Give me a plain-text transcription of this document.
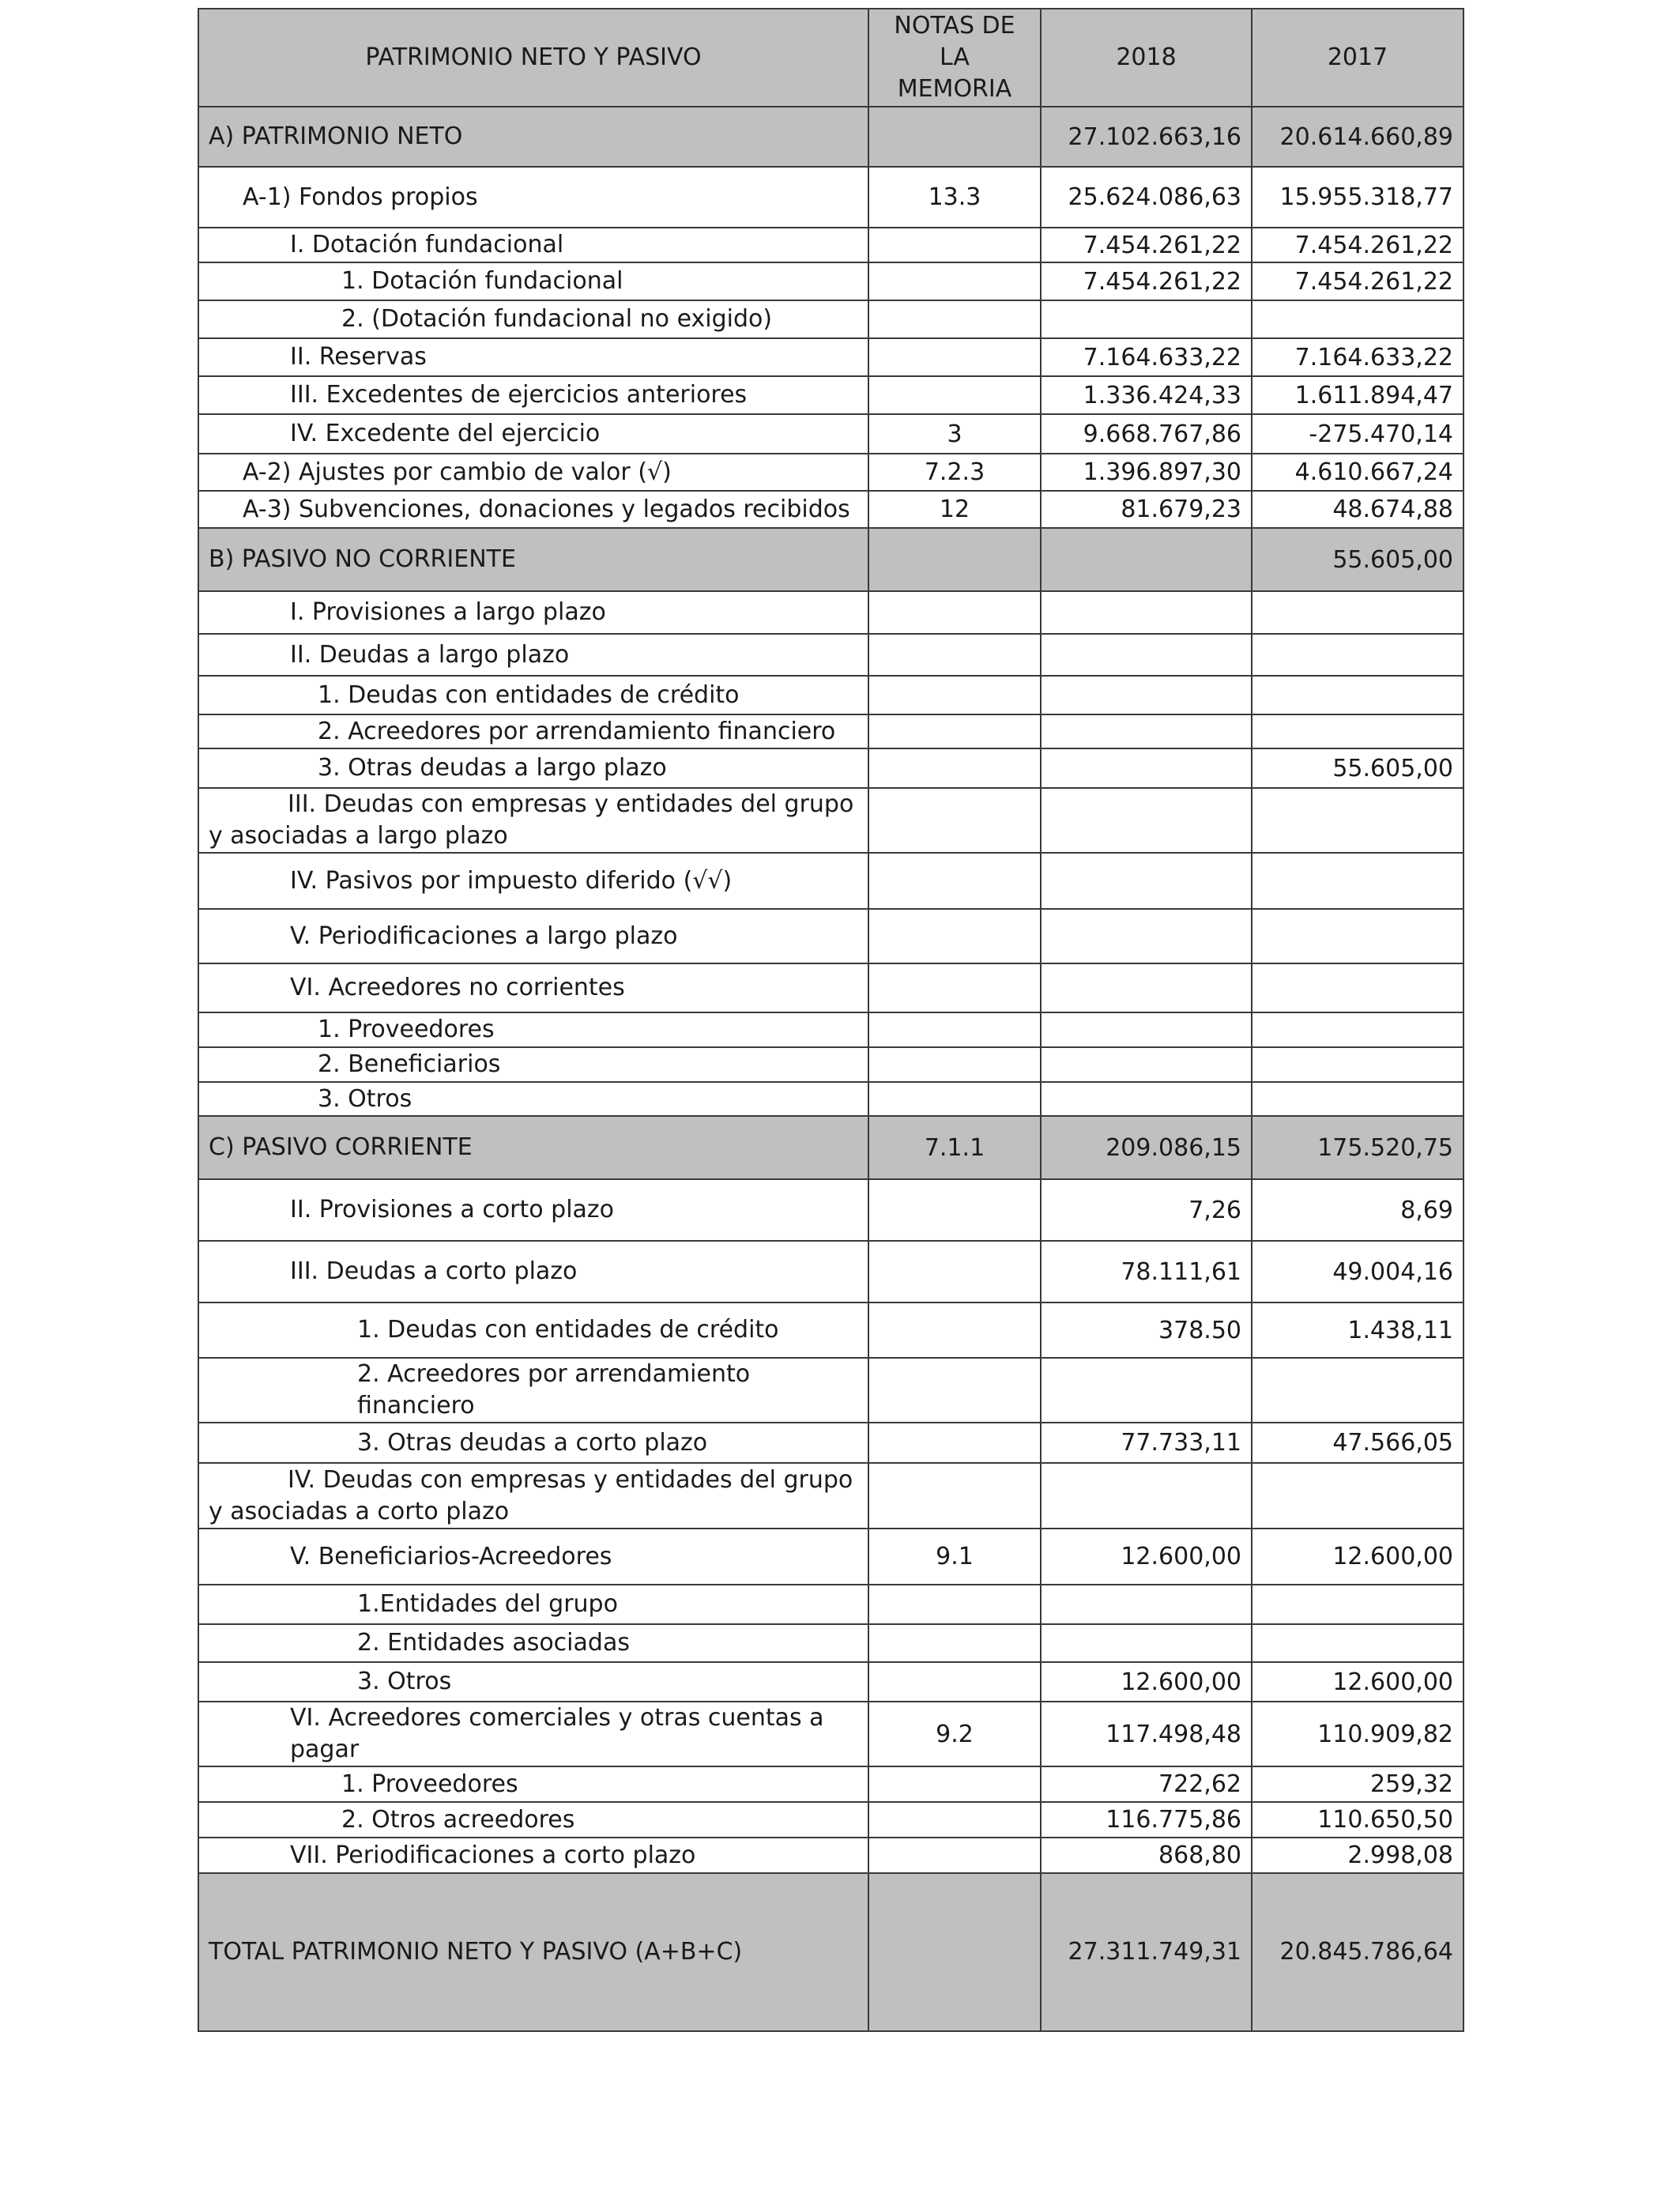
PATRIMONIO NETO Y PASIVO	NOTAS DE LA MEMORIA	2018	2017
A) PATRIMONIO NETO		27.102.663,16	20.614.660,89
A-1) Fondos propios	13.3	25.624.086,63	15.955.318,77
I. Dotación fundacional		7.454.261,22	7.454.261,22
1. Dotación fundacional		7.454.261,22	7.454.261,22
2. (Dotación fundacional no exigido)			
II. Reservas		7.164.633,22	7.164.633,22
III. Excedentes de ejercicios anteriores		1.336.424,33	1.611.894,47
IV. Excedente del ejercicio	3	9.668.767,86	-275.470,14
A-2) Ajustes por cambio de valor (√)	7.2.3	1.396.897,30	4.610.667,24
A-3) Subvenciones, donaciones y legados recibidos	12	81.679,23	48.674,88
B) PASIVO NO CORRIENTE			55.605,00
I. Provisiones a largo plazo			
II. Deudas a largo plazo			
1. Deudas con entidades de crédito			
2. Acreedores por arrendamiento financiero			
3. Otras deudas a largo plazo			55.605,00
III. Deudas con empresas y entidades del grupo y asociadas a largo plazo			
IV. Pasivos por impuesto diferido (√√)			
V. Periodificaciones a largo plazo			
VI. Acreedores no corrientes			
1. Proveedores			
2. Beneficiarios			
3. Otros			
C) PASIVO CORRIENTE	7.1.1	209.086,15	175.520,75
II. Provisiones a corto plazo		7,26	8,69
III. Deudas a corto plazo		78.111,61	49.004,16
1. Deudas con entidades de crédito		378.50	1.438,11
2. Acreedores por arrendamiento financiero			
3. Otras deudas a corto plazo		77.733,11	47.566,05
IV. Deudas con empresas y entidades del grupo y asociadas a corto plazo			
V. Beneficiarios-Acreedores	9.1	12.600,00	12.600,00
1.Entidades del grupo			
2. Entidades asociadas			
3. Otros		12.600,00	12.600,00
VI. Acreedores comerciales y otras cuentas a pagar	9.2	117.498,48	110.909,82
1. Proveedores		722,62	259,32
2. Otros acreedores		116.775,86	110.650,50
VII. Periodificaciones a corto plazo		868,80	2.998,08
TOTAL PATRIMONIO NETO Y PASIVO (A+B+C)		27.311.749,31	20.845.786,64
